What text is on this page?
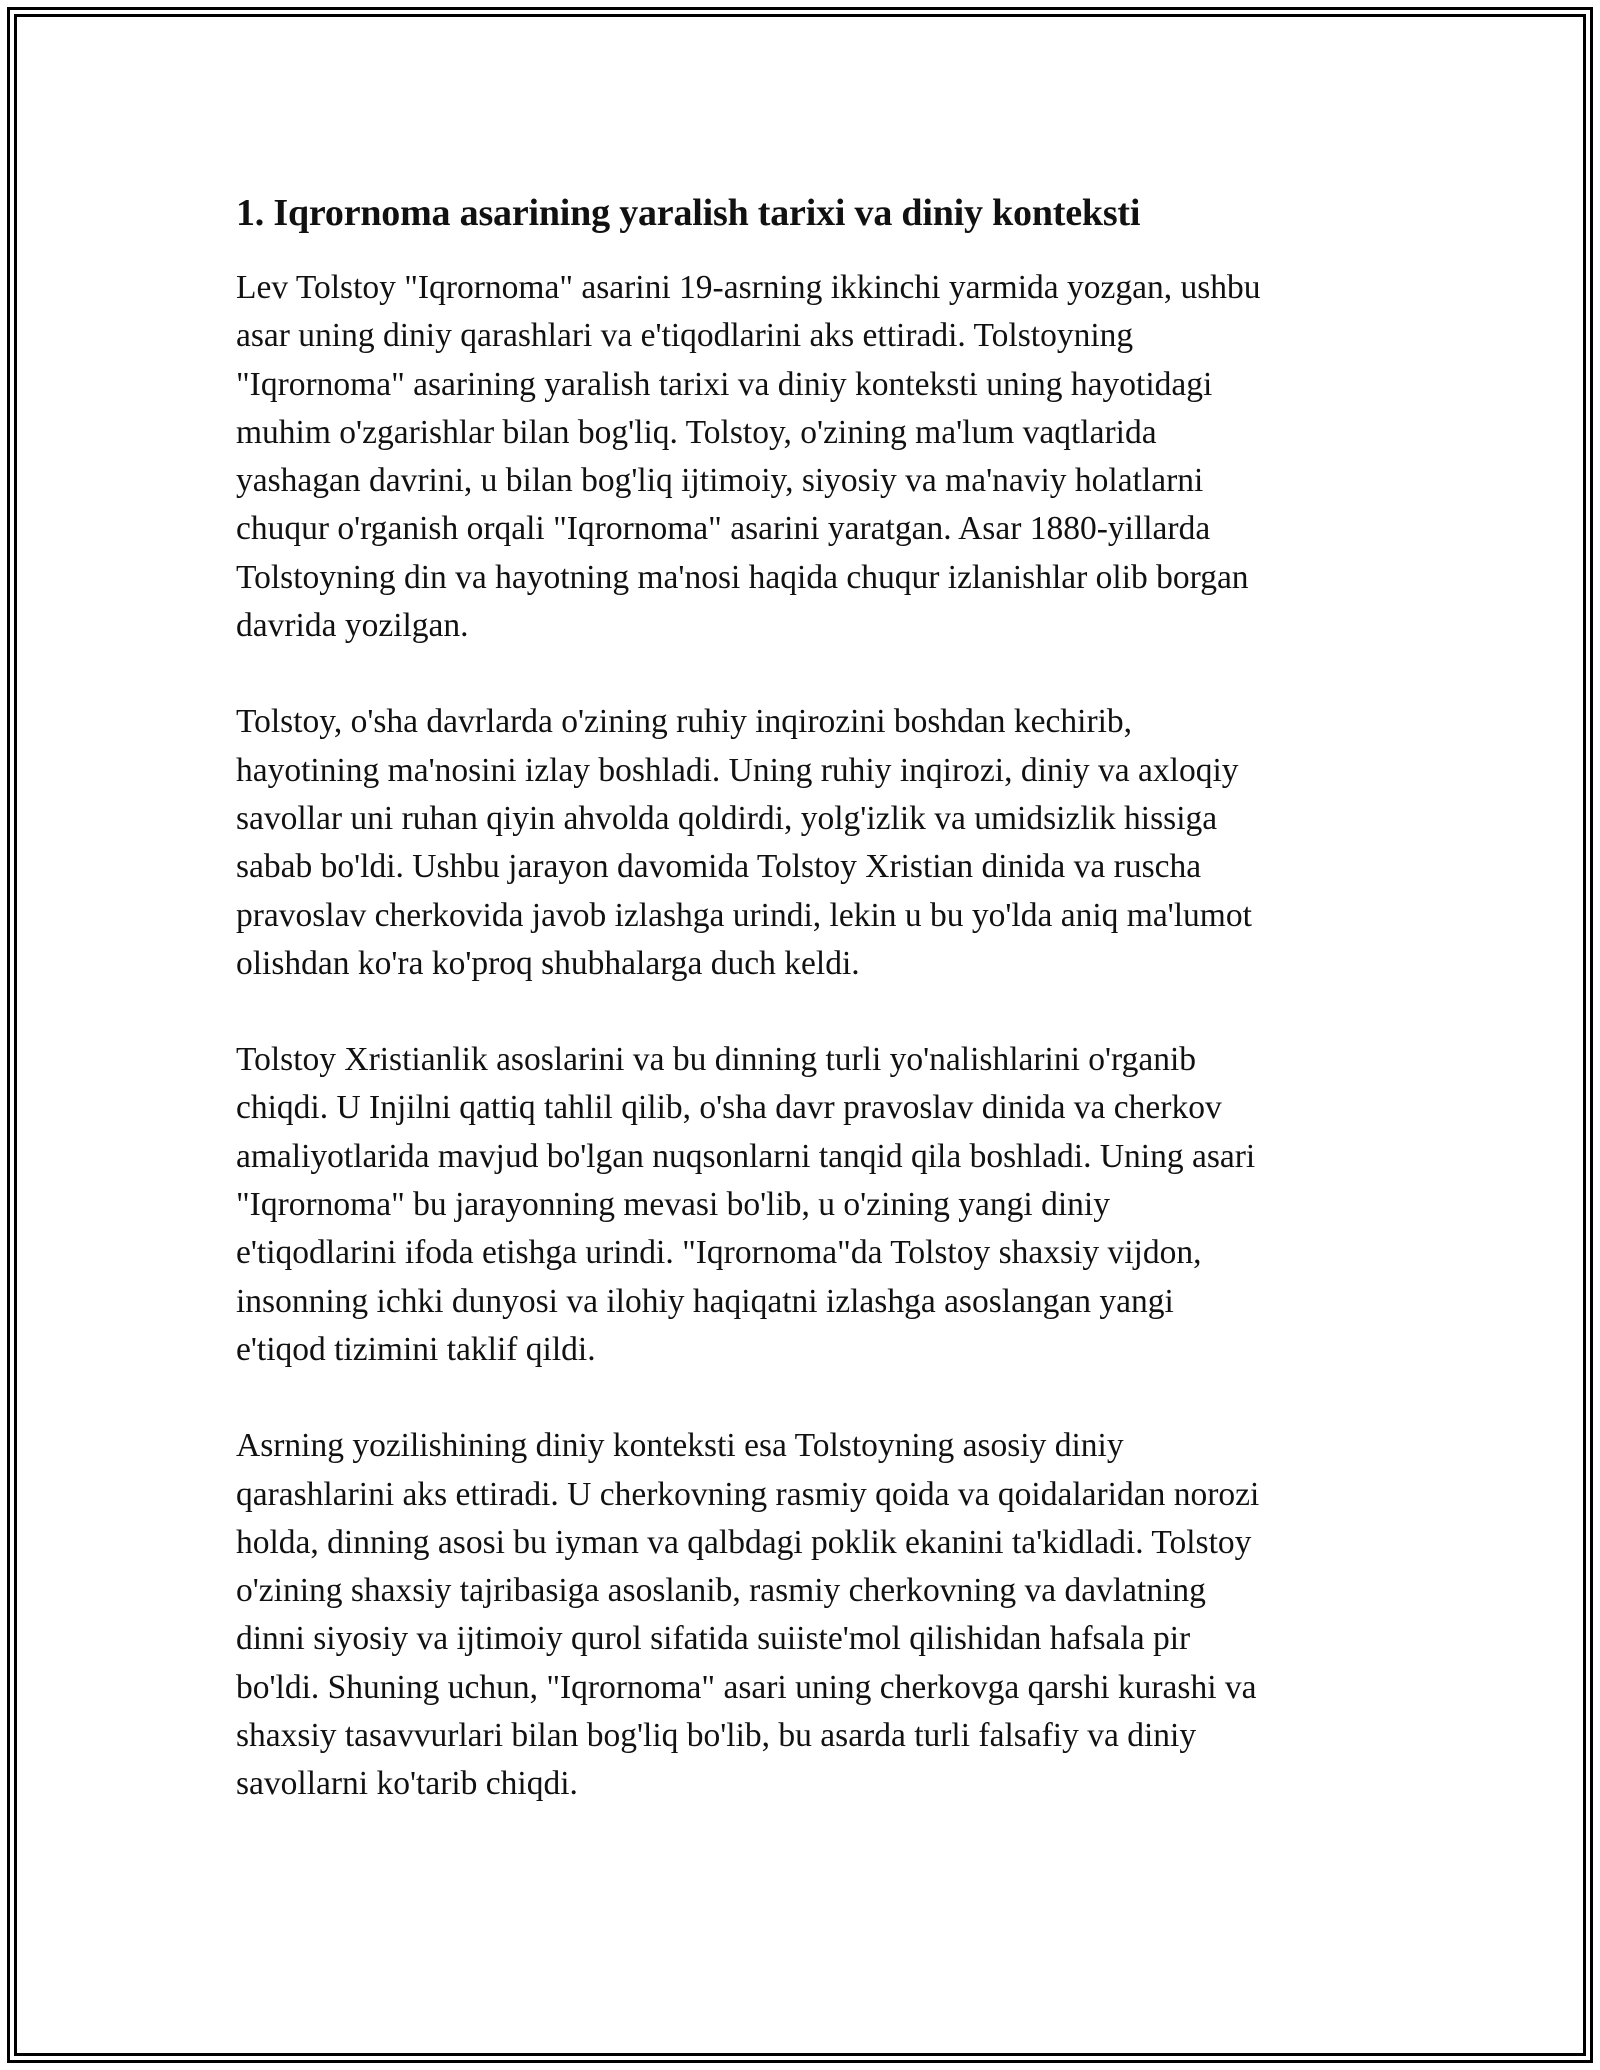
1. Iqrornoma asarining yaralish tarixi va diniy konteksti

Lev Tolstoy "Iqrornoma" asarini 19-asrning ikkinchi yarmida yozgan, ushbu
asar uning diniy qarashlari va e'tiqodlarini aks ettiradi. Tolstoyning
"Iqrornoma" asarining yaralish tarixi va diniy konteksti uning hayotidagi
muhim o'zgarishlar bilan bog'liq. Tolstoy, o'zining ma'lum vaqtlarida
yashagan davrini, u bilan bog'liq ijtimoiy, siyosiy va ma'naviy holatlarni
chuqur o'rganish orqali "Iqrornoma" asarini yaratgan. Asar 1880-yillarda
Tolstoyning din va hayotning ma'nosi haqida chuqur izlanishlar olib borgan
davrida yozilgan.

Tolstoy, o'sha davrlarda o'zining ruhiy inqirozini boshdan kechirib,
hayotining ma'nosini izlay boshladi. Uning ruhiy inqirozi, diniy va axloqiy
savollar uni ruhan qiyin ahvolda qoldirdi, yolg'izlik va umidsizlik hissiga
sabab bo'ldi. Ushbu jarayon davomida Tolstoy Xristian dinida va ruscha
pravoslav cherkovida javob izlashga urindi, lekin u bu yo'lda aniq ma'lumot
olishdan ko'ra ko'proq shubhalarga duch keldi.

Tolstoy Xristianlik asoslarini va bu dinning turli yo'nalishlarini o'rganib
chiqdi. U Injilni qattiq tahlil qilib, o'sha davr pravoslav dinida va cherkov
amaliyotlarida mavjud bo'lgan nuqsonlarni tanqid qila boshladi. Uning asari
"Iqrornoma" bu jarayonning mevasi bo'lib, u o'zining yangi diniy
e'tiqodlarini ifoda etishga urindi. "Iqrornoma"da Tolstoy shaxsiy vijdon,
insonning ichki dunyosi va ilohiy haqiqatni izlashga asoslangan yangi
e'tiqod tizimini taklif qildi.

Asrning yozilishining diniy konteksti esa Tolstoyning asosiy diniy
qarashlarini aks ettiradi. U cherkovning rasmiy qoida va qoidalaridan norozi
holda, dinning asosi bu iyman va qalbdagi poklik ekanini ta'kidladi. Tolstoy
o'zining shaxsiy tajribasiga asoslanib, rasmiy cherkovning va davlatning
dinni siyosiy va ijtimoiy qurol sifatida suiiste'mol qilishidan hafsala pir
bo'ldi. Shuning uchun, "Iqrornoma" asari uning cherkovga qarshi kurashi va
shaxsiy tasavvurlari bilan bog'liq bo'lib, bu asarda turli falsafiy va diniy
savollarni ko'tarib chiqdi.
